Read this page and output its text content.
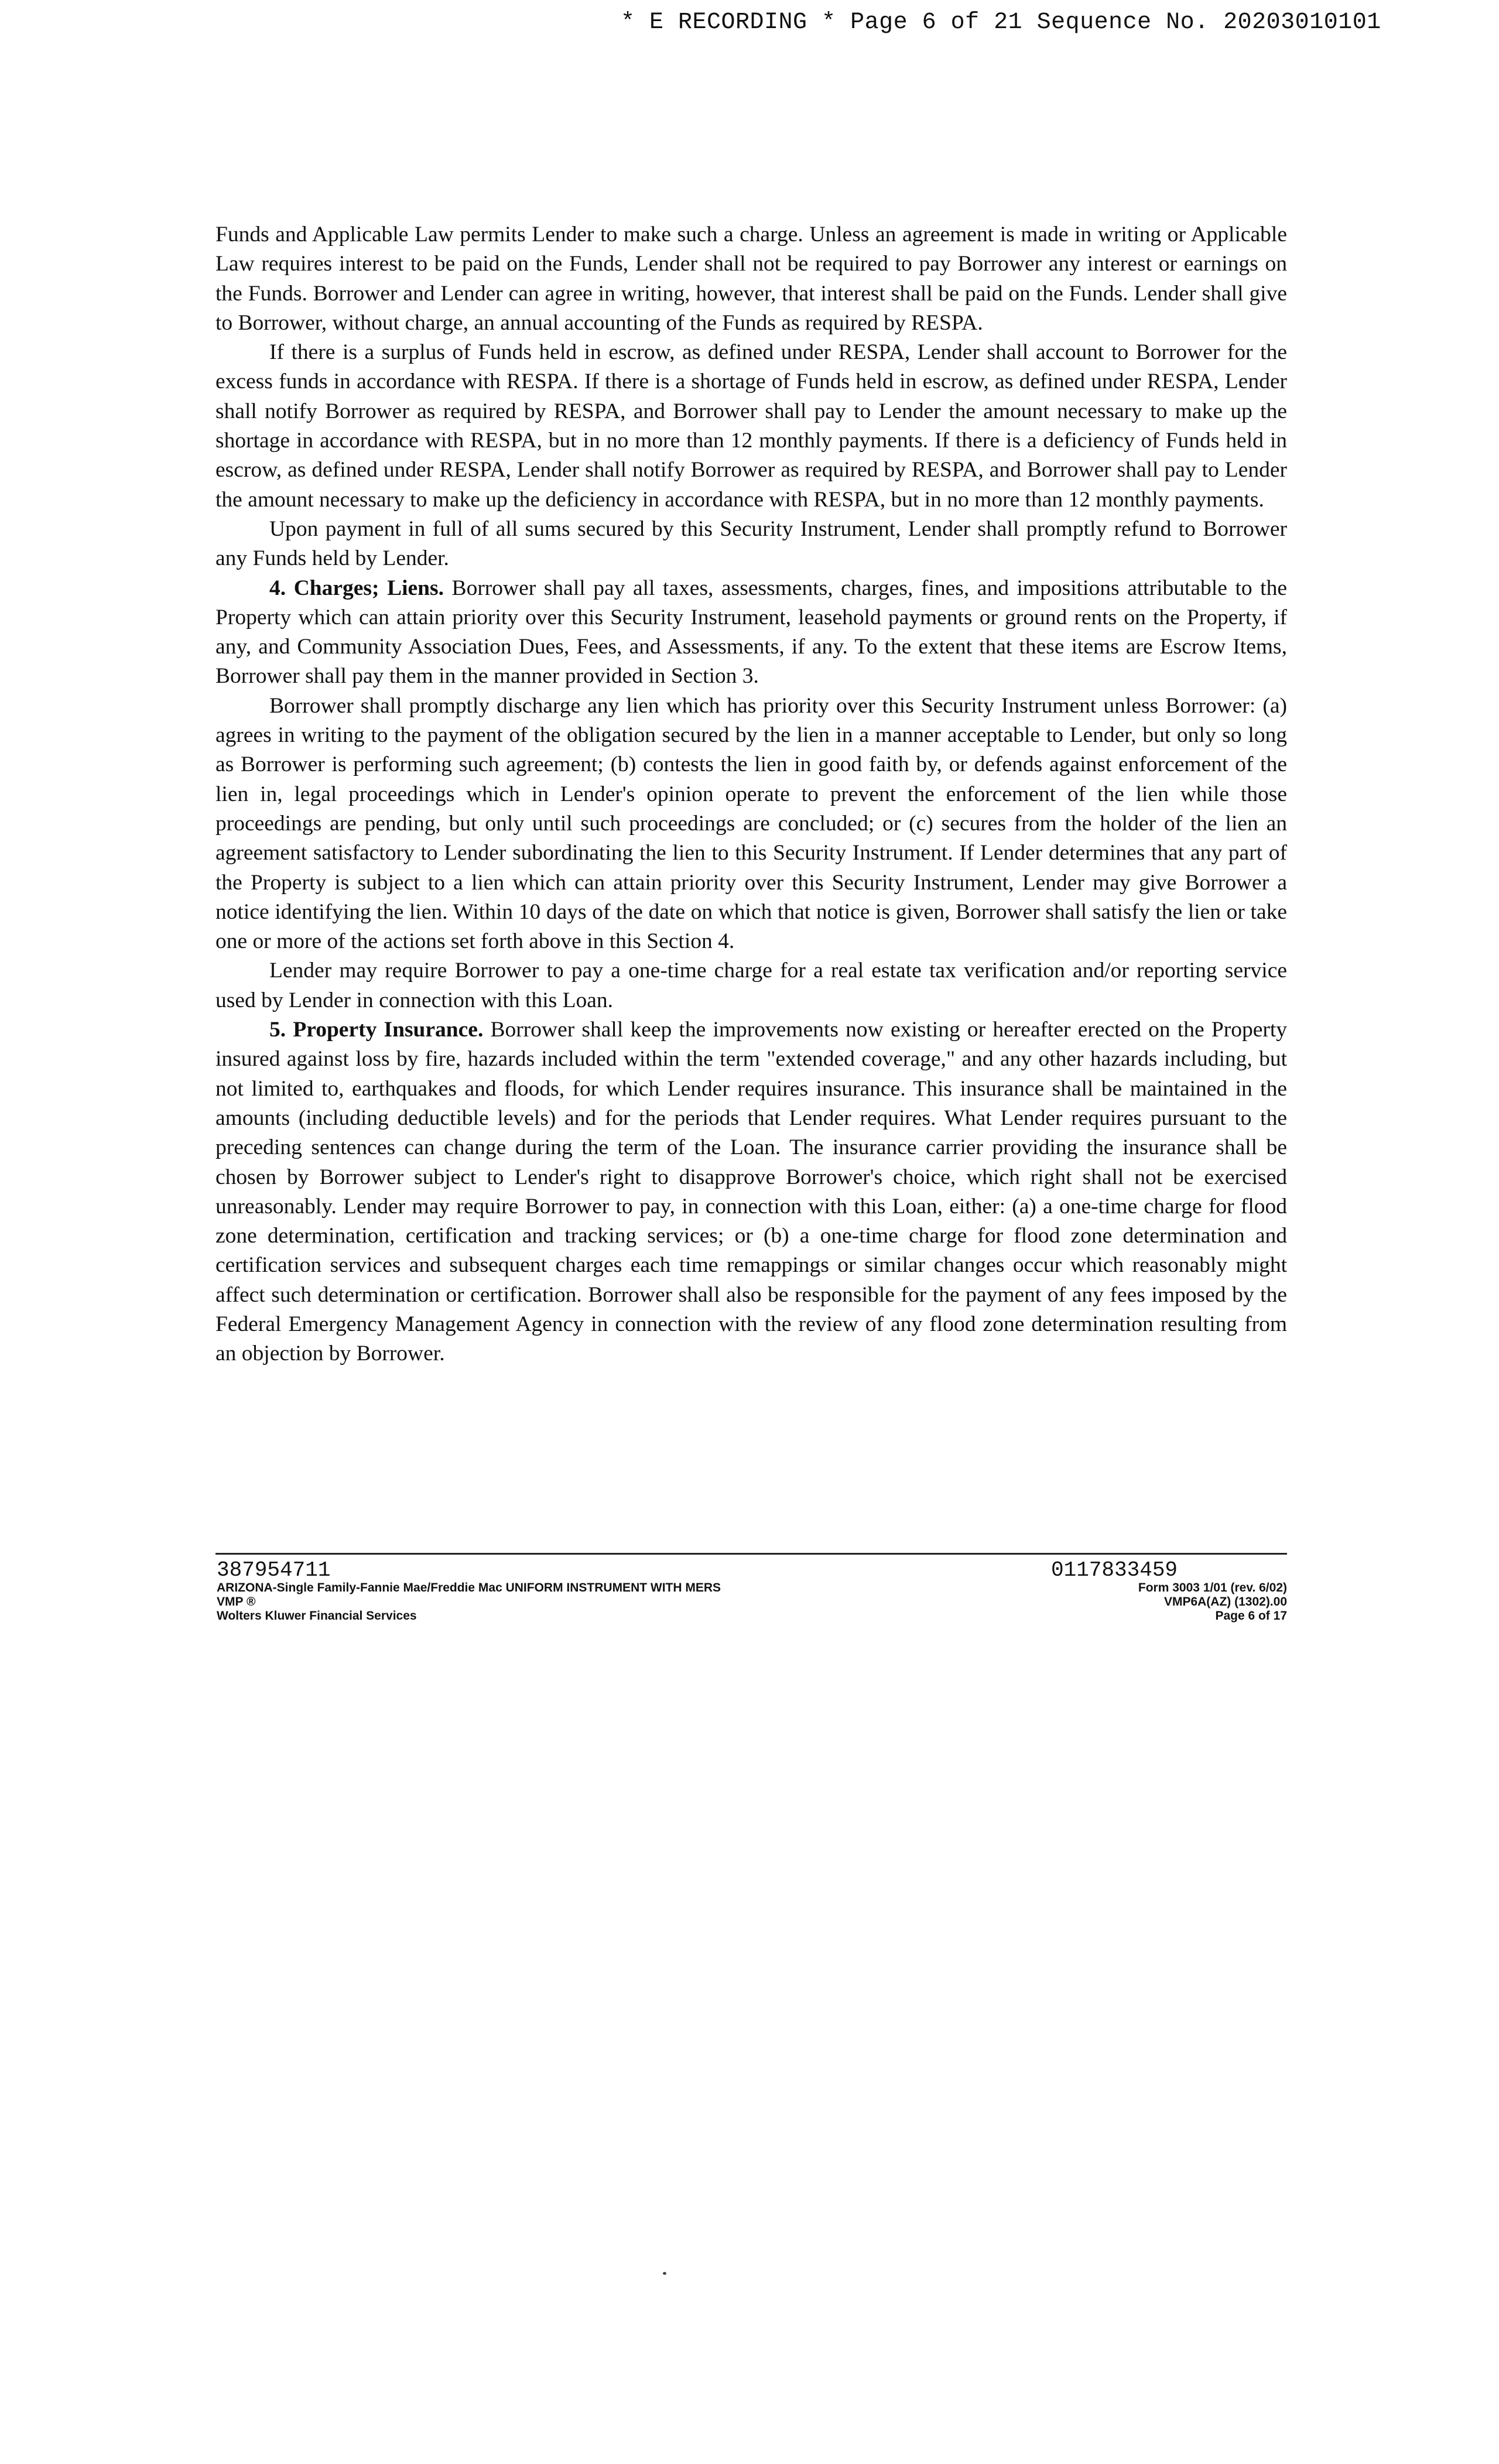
* E RECORDING * Page 6 of 21 Sequence No. 20203010101

Funds and Applicable Law permits Lender to make such a charge. Unless an agreement is made in writing or Applicable Law requires interest to be paid on the Funds, Lender shall not be required to pay Borrower any interest or earnings on the Funds. Borrower and Lender can agree in writing, however, that interest shall be paid on the Funds. Lender shall give to Borrower, without charge, an annual accounting of the Funds as required by RESPA.

If there is a surplus of Funds held in escrow, as defined under RESPA, Lender shall account to Borrower for the excess funds in accordance with RESPA. If there is a shortage of Funds held in escrow, as defined under RESPA, Lender shall notify Borrower as required by RESPA, and Borrower shall pay to Lender the amount necessary to make up the shortage in accordance with RESPA, but in no more than 12 monthly payments. If there is a deficiency of Funds held in escrow, as defined under RESPA, Lender shall notify Borrower as required by RESPA, and Borrower shall pay to Lender the amount necessary to make up the deficiency in accordance with RESPA, but in no more than 12 monthly payments.

Upon payment in full of all sums secured by this Security Instrument, Lender shall promptly refund to Borrower any Funds held by Lender.

4. Charges; Liens. Borrower shall pay all taxes, assessments, charges, fines, and impositions attributable to the Property which can attain priority over this Security Instrument, leasehold payments or ground rents on the Property, if any, and Community Association Dues, Fees, and Assessments, if any. To the extent that these items are Escrow Items, Borrower shall pay them in the manner provided in Section 3.

Borrower shall promptly discharge any lien which has priority over this Security Instrument unless Borrower: (a) agrees in writing to the payment of the obligation secured by the lien in a manner acceptable to Lender, but only so long as Borrower is performing such agreement; (b) contests the lien in good faith by, or defends against enforcement of the lien in, legal proceedings which in Lender's opinion operate to prevent the enforcement of the lien while those proceedings are pending, but only until such proceedings are concluded; or (c) secures from the holder of the lien an agreement satisfactory to Lender subordinating the lien to this Security Instrument. If Lender determines that any part of the Property is subject to a lien which can attain priority over this Security Instrument, Lender may give Borrower a notice identifying the lien. Within 10 days of the date on which that notice is given, Borrower shall satisfy the lien or take one or more of the actions set forth above in this Section 4.

Lender may require Borrower to pay a one-time charge for a real estate tax verification and/or reporting service used by Lender in connection with this Loan.

5. Property Insurance. Borrower shall keep the improvements now existing or hereafter erected on the Property insured against loss by fire, hazards included within the term "extended coverage," and any other hazards including, but not limited to, earthquakes and floods, for which Lender requires insurance. This insurance shall be maintained in the amounts (including deductible levels) and for the periods that Lender requires. What Lender requires pursuant to the preceding sentences can change during the term of the Loan. The insurance carrier providing the insurance shall be chosen by Borrower subject to Lender's right to disapprove Borrower's choice, which right shall not be exercised unreasonably. Lender may require Borrower to pay, in connection with this Loan, either: (a) a one-time charge for flood zone determination, certification and tracking services; or (b) a one-time charge for flood zone determination and certification services and subsequent charges each time remappings or similar changes occur which reasonably might affect such determination or certification. Borrower shall also be responsible for the payment of any fees imposed by the Federal Emergency Management Agency in connection with the review of any flood zone determination resulting from an objection by Borrower.

387954711
ARIZONA-Single Family-Fannie Mae/Freddie Mac UNIFORM INSTRUMENT WITH MERS
VMP ®
Wolters Kluwer Financial Services
0117833459
Form 3003 1/01 (rev. 6/02)
VMP6A(AZ) (1302).00
Page 6 of 17
